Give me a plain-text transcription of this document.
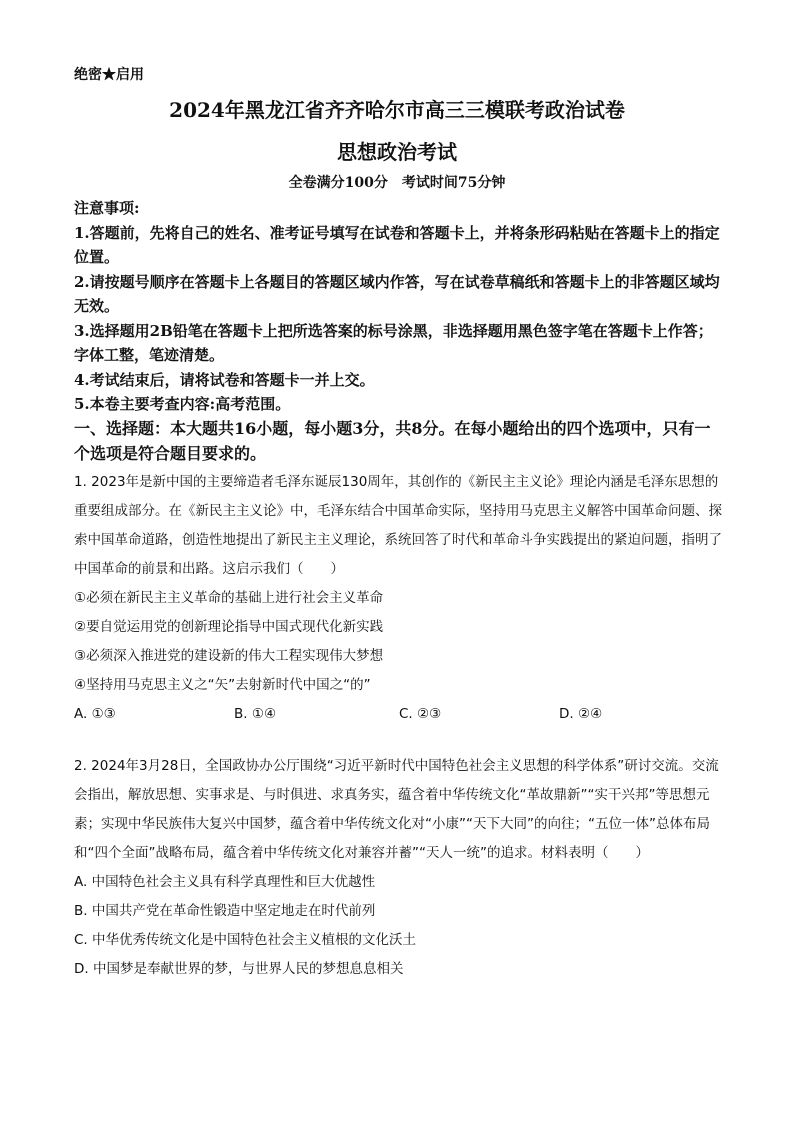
绝密★启用
2024年黑龙江省齐齐哈尔市高三三模联考政治试卷
思想政治考试
全卷满分100分　考试时间75分钟
注意事项:
1.答题前，先将自己的姓名、准考证号填写在试卷和答题卡上，并将条形码粘贴在答题卡上的指定位置。
2.请按题号顺序在答题卡上各题目的答题区域内作答，写在试卷草稿纸和答题卡上的非答题区域均无效。
3.选择题用2B铅笔在答题卡上把所选答案的标号涂黑，非选择题用黑色签字笔在答题卡上作答；字体工整，笔迹清楚。
4.考试结束后，请将试卷和答题卡一并上交。
5.本卷主要考查内容:高考范围。
一、选择题：本大题共16小题，每小题3分，共8分。在每小题给出的四个选项中，只有一个选项是符合题目要求的。
1. 2023年是新中国的主要缔造者毛泽东诞辰130周年，其创作的《新民主主义论》理论内涵是毛泽东思想的重要组成部分。在《新民主主义论》中，毛泽东结合中国革命实际，坚持用马克思主义解答中国革命问题、探索中国革命道路，创造性地提出了新民主主义理论，系统回答了时代和革命斗争实践提出的紧迫问题，指明了中国革命的前景和出路。这启示我们（　　）
①必须在新民主主义革命的基础上进行社会主义革命
②要自觉运用党的创新理论指导中国式现代化新实践
③必须深入推进党的建设新的伟大工程实现伟大梦想
④坚持用马克思主义之“矢”去射新时代中国之“的”
A. ①③	B. ①④	C. ②③	D. ②④
2. 2024年3月28日，全国政协办公厅围绕“习近平新时代中国特色社会主义思想的科学体系”研讨交流。交流会指出，解放思想、实事求是、与时俱进、求真务实，蕴含着中华传统文化“革故鼎新”“实干兴邦”等思想元素；实现中华民族伟大复兴中国梦，蕴含着中华传统文化对“小康”“天下大同”的向往；“五位一体”总体布局和“四个全面”战略布局，蕴含着中华传统文化对兼容并蓄”“天人一统”的追求。材料表明（　　）
A. 中国特色社会主义具有科学真理性和巨大优越性
B. 中国共产党在革命性锻造中坚定地走在时代前列
C. 中华优秀传统文化是中国特色社会主义植根的文化沃土
D. 中国梦是奉献世界的梦，与世界人民的梦想息息相关
